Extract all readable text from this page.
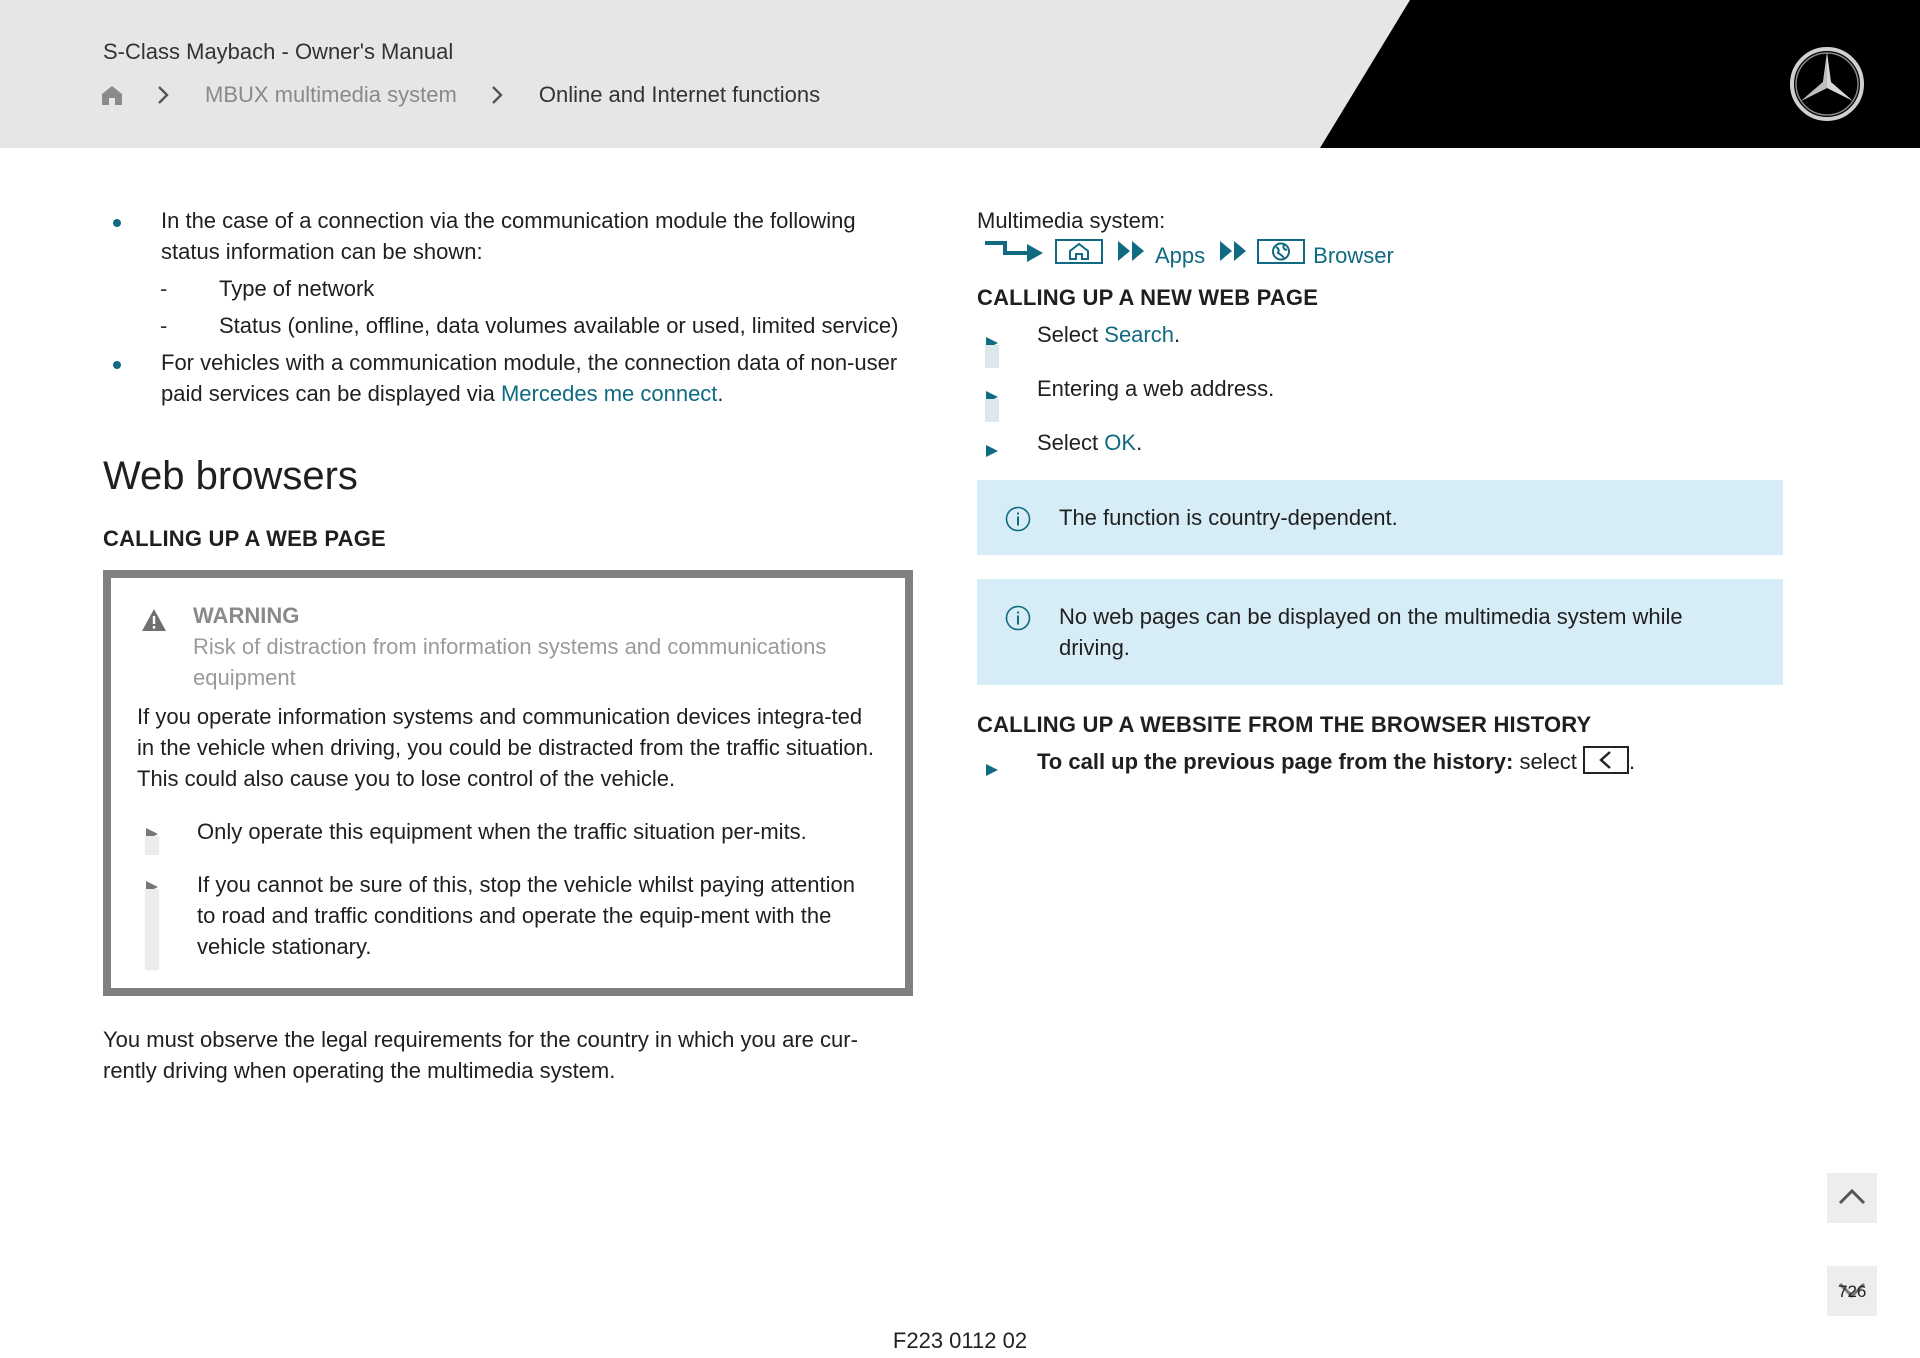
S-Class Maybach - Owner's Manual
MBUX multimedia system	Online and Internet functions
In the case of a connection via the communication module the following status information can be shown:
- Type of network
- Status (online, offline, data volumes available or used, limited service)
For vehicles with a communication module, the connection data of non-user paid services can be displayed via Mercedes me connect.
Web browsers
CALLING UP A WEB PAGE
WARNING
Risk of distraction from information systems and communications equipment
If you operate information systems and communication devices integra-ted in the vehicle when driving, you could be distracted from the traffic situation. This could also cause you to lose control of the vehicle.
Only operate this equipment when the traffic situation per-mits.
If you cannot be sure of this, stop the vehicle whilst paying attention to road and traffic conditions and operate the equip-ment with the vehicle stationary.
You must observe the legal requirements for the country in which you are cur-rently driving when operating the multimedia system.
Multimedia system:
Apps	Browser
CALLING UP A NEW WEB PAGE
Select Search.
Entering a web address.
Select OK.
The function is country-dependent.
No web pages can be displayed on the multimedia system while driving.
CALLING UP A WEBSITE FROM THE BROWSER HISTORY
To call up the previous page from the history: select .
726
F223 0112 02
